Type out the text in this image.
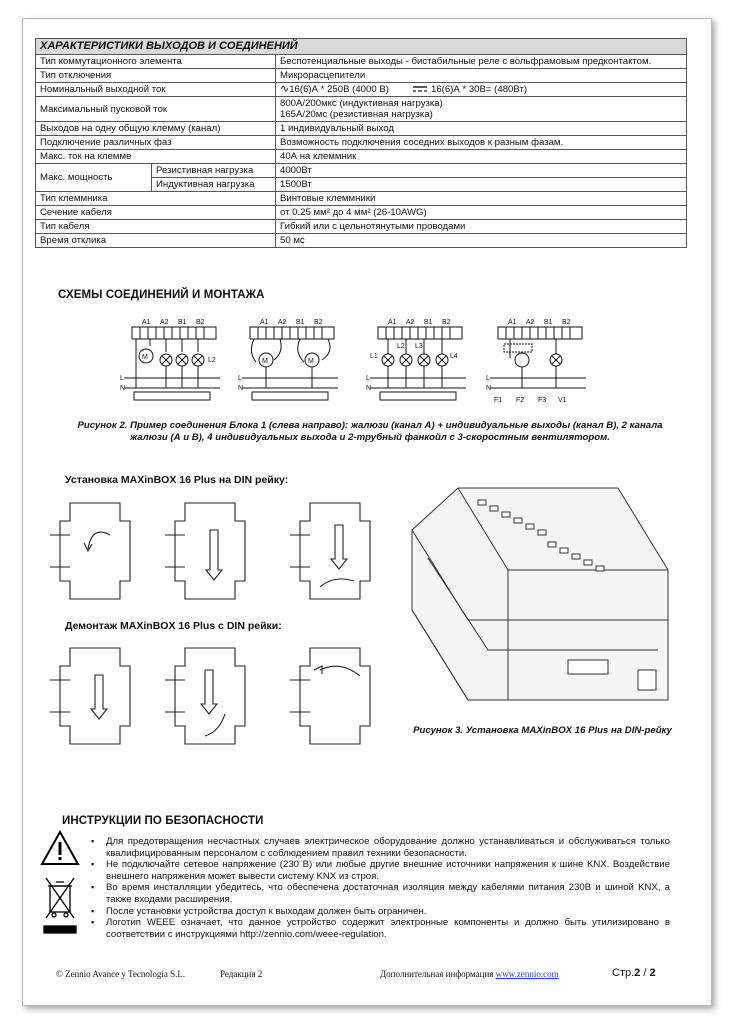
ХАРАКТЕРИСТИКИ ВЫХОДОВ И СОЕДИНЕНИЙ		
Тип коммутационного элемента		Беспотенциальные выходы - бистабильные реле с вольфрамовым предконтактом.
Тип отключения		Микрорасцепители
Номинальный выходной ток		∿16(6)А * 250В (4000 В) 16(6)А * 30В= (480Вт)
Максимальный пусковой ток		800А/200мкс (индуктивная нагрузка)
165А/20мс (резистивная нагрузка)

Выходов на одну общую клемму (канал)		1 индивидуальный выход
Подключение различных фаз		Возможность подключения соседних выходов к разным фазам.
Макс. ток на клемме		40А на клеммник
Макс. мощность	Резистивная нагрузка	4000Вт
	Индуктивная нагрузка	1500Вт
Тип клеммника		Винтовые клеммники
Сечение кабеля		от 0.25 мм² до 4 мм² (26-10AWG)
Тип кабеля		Гибкий или с цельнотянутыми проводами
Время отклика		50 мс
СХЕМЫ СОЕДИНЕНИЙ И МОНТАЖА
A1 A2 B1 B2
M
L
N
L2
A1 A2 B1 B2
M	M
L
N
A1 A2 B1 B2
L1
L2 L3
L4
L
N
A1 A2 B1 B2
L
N
F1 F2 F3 V1
Рисунок 2. Пример соединения Блока 1 (слева направо): жалюзи (канал А) + индивидуальные выходы (канал В), 2 канала жалюзи (А и В), 4 индивидуальных выхода и 2-трубный фанкойл с 3-скоростным вентилятором.
Установка MAXinBOX 16 Plus на DIN рейку:
Демонтаж MAXinBOX 16 Plus с DIN рейки:
Рисунок 3. Установка MAXinBOX 16 Plus на DIN-рейку
ИНСТРУКЦИИ ПО БЕЗОПАСНОСТИ
▪ Для предотвращения несчастных случаев электрическое оборудование должно устанавливаться и обслуживаться только квалифицированным персоналом с соблюдением правил техники безопасности.
▪ Не подключайте сетевое напряжение (230 В) или любые другие внешние источники напряжения к шине KNX. Воздействие внешнего напряжения может вывести систему KNX из строя.
▪ Во время инсталляции убедитесь, что обеспечена достаточная изоляция между кабелями питания 230В и шиной KNX, а также входами расширения.
▪ После установки устройства доступ к выходам должен быть ограничен.
▪ Логотип WEEE означает, что данное устройство содержит электронные компоненты и должно быть утилизировано в соответствии с инструкциями http://zennio.com/weee-regulation.
© Zennio Avance y Tecnología S.L.	Редакция 2	Дополнительная информация www.zennio.com	Стр.2 / 2
